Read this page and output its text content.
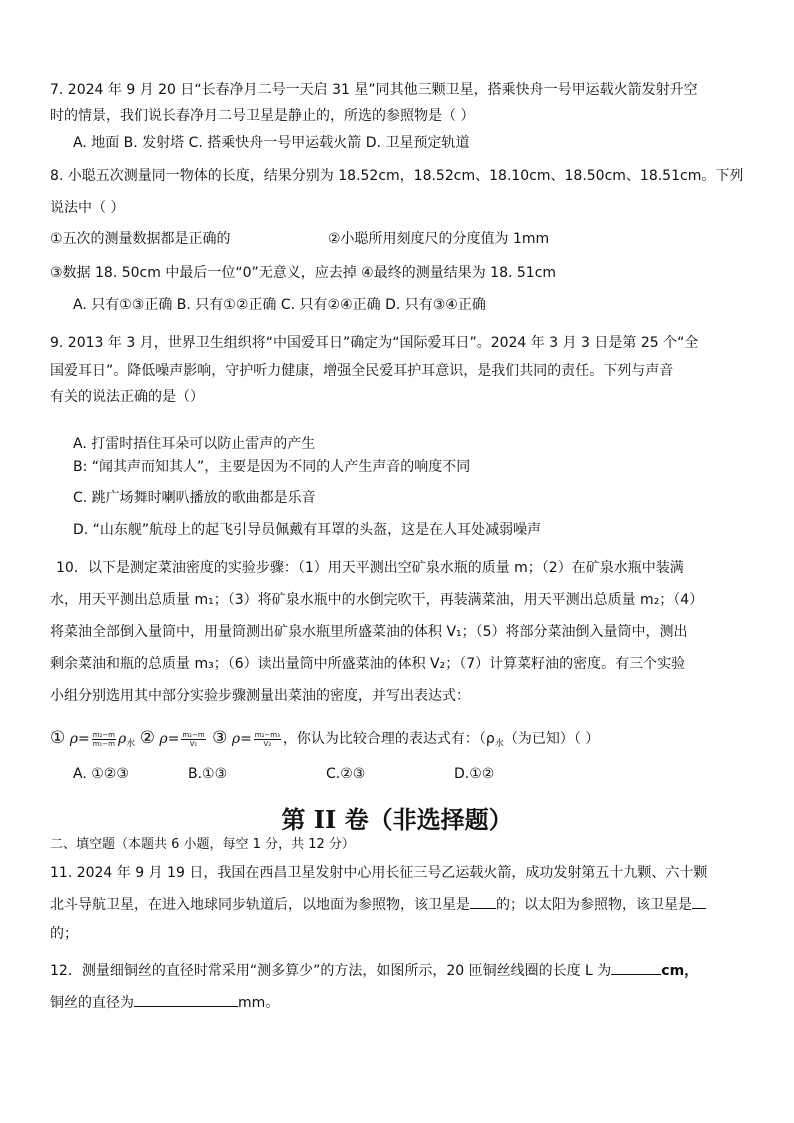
7. 2024 年 9 月 20 日“长春净月二号一天启 31 星”同其他三颗卫星，搭乘快舟一号甲运载火箭发射升空
时的情景，我们说长春净月二号卫星是静止的，所选的参照物是（ ）
A. 地面 B. 发射塔 C. 搭乘快舟一号甲运载火箭 D. 卫星预定轨道
8. 小聪五次测量同一物体的长度，结果分别为 18.52cm，18.52cm、18.10cm、18.50cm、18.51cm。下列
说法中（ ）
①五次的测量数据都是正确的	②小聪所用刻度尺的分度值为 1mm
③数据 18. 50cm 中最后一位“0”无意义，应去掉 ④最终的测量结果为 18. 51cm
A. 只有①③正确 B. 只有①②正确 C. 只有②④正确 D. 只有③④正确
9. 2013 年 3 月，世界卫生组织将“中国爱耳日”确定为“国际爱耳日”。2024 年 3 月 3 日是第 25 个“全
国爱耳日”。降低噪声影响，守护听力健康，增强全民爱耳护耳意识，是我们共同的责任。下列与声音
有关的说法正确的是（）
A. 打雷时捂住耳朵可以防止雷声的产生
B: “闻其声而知其人”，主要是因为不同的人产生声音的响度不同
C. 跳广场舞时喇叭播放的歌曲都是乐音
D. “山东舰”航母上的起飞引导员佩戴有耳罩的头盔，这是在人耳处减弱噪声
10．以下是测定菜油密度的实验步骤：（1）用天平测出空矿泉水瓶的质量 m；（2）在矿泉水瓶中装满
水，用天平测出总质量 m₁；（3）将矿泉水瓶中的水倒完吹干，再装满菜油，用天平测出总质量 m₂；（4）
将菜油全部倒入量筒中，用量筒测出矿泉水瓶里所盛菜油的体积 V₁；（5）将部分菜油倒入量筒中，测出
剩余菜油和瓶的总质量 m₃；（6）读出量筒中所盛菜油的体积 V₂；（7）计算菜籽油的密度。有三个实验
小组分别选用其中部分实验步骤测量出菜油的密度，并写出表达式：
① $\rho= \frac{\text{m₂−m}}{\text{m₁−m}} \rho_水$ ② $\rho= \frac{\text{m₂−m}}{\text{V₁}}$ ③ $\rho= \frac{\text{m₂−m₃}}{\text{V₂}}$ ，你认为比较合理的表达式有：（$\rho_水$（为已知）（ ）
A. ①②③	B.①③	C.②③	D.①②
第 II 卷（非选择题）
二、填空题（本题共 6 小题，每空 1 分，共 12 分）
11. 2024 年 9 月 19 日，我国在西昌卫星发射中心用长征三号乙运载火箭，成功发射第五十九颗、六十颗
北斗导航卫星，在进入地球同步轨道后，以地面为参照物，该卫星是 的；以太阳为参照物，该卫星是
的；
12．测量细铜丝的直径时常采用“测多算少”的方法，如图所示，20 匝铜丝线圈的长度 L 为	cm，
铜丝的直径为	mm。
